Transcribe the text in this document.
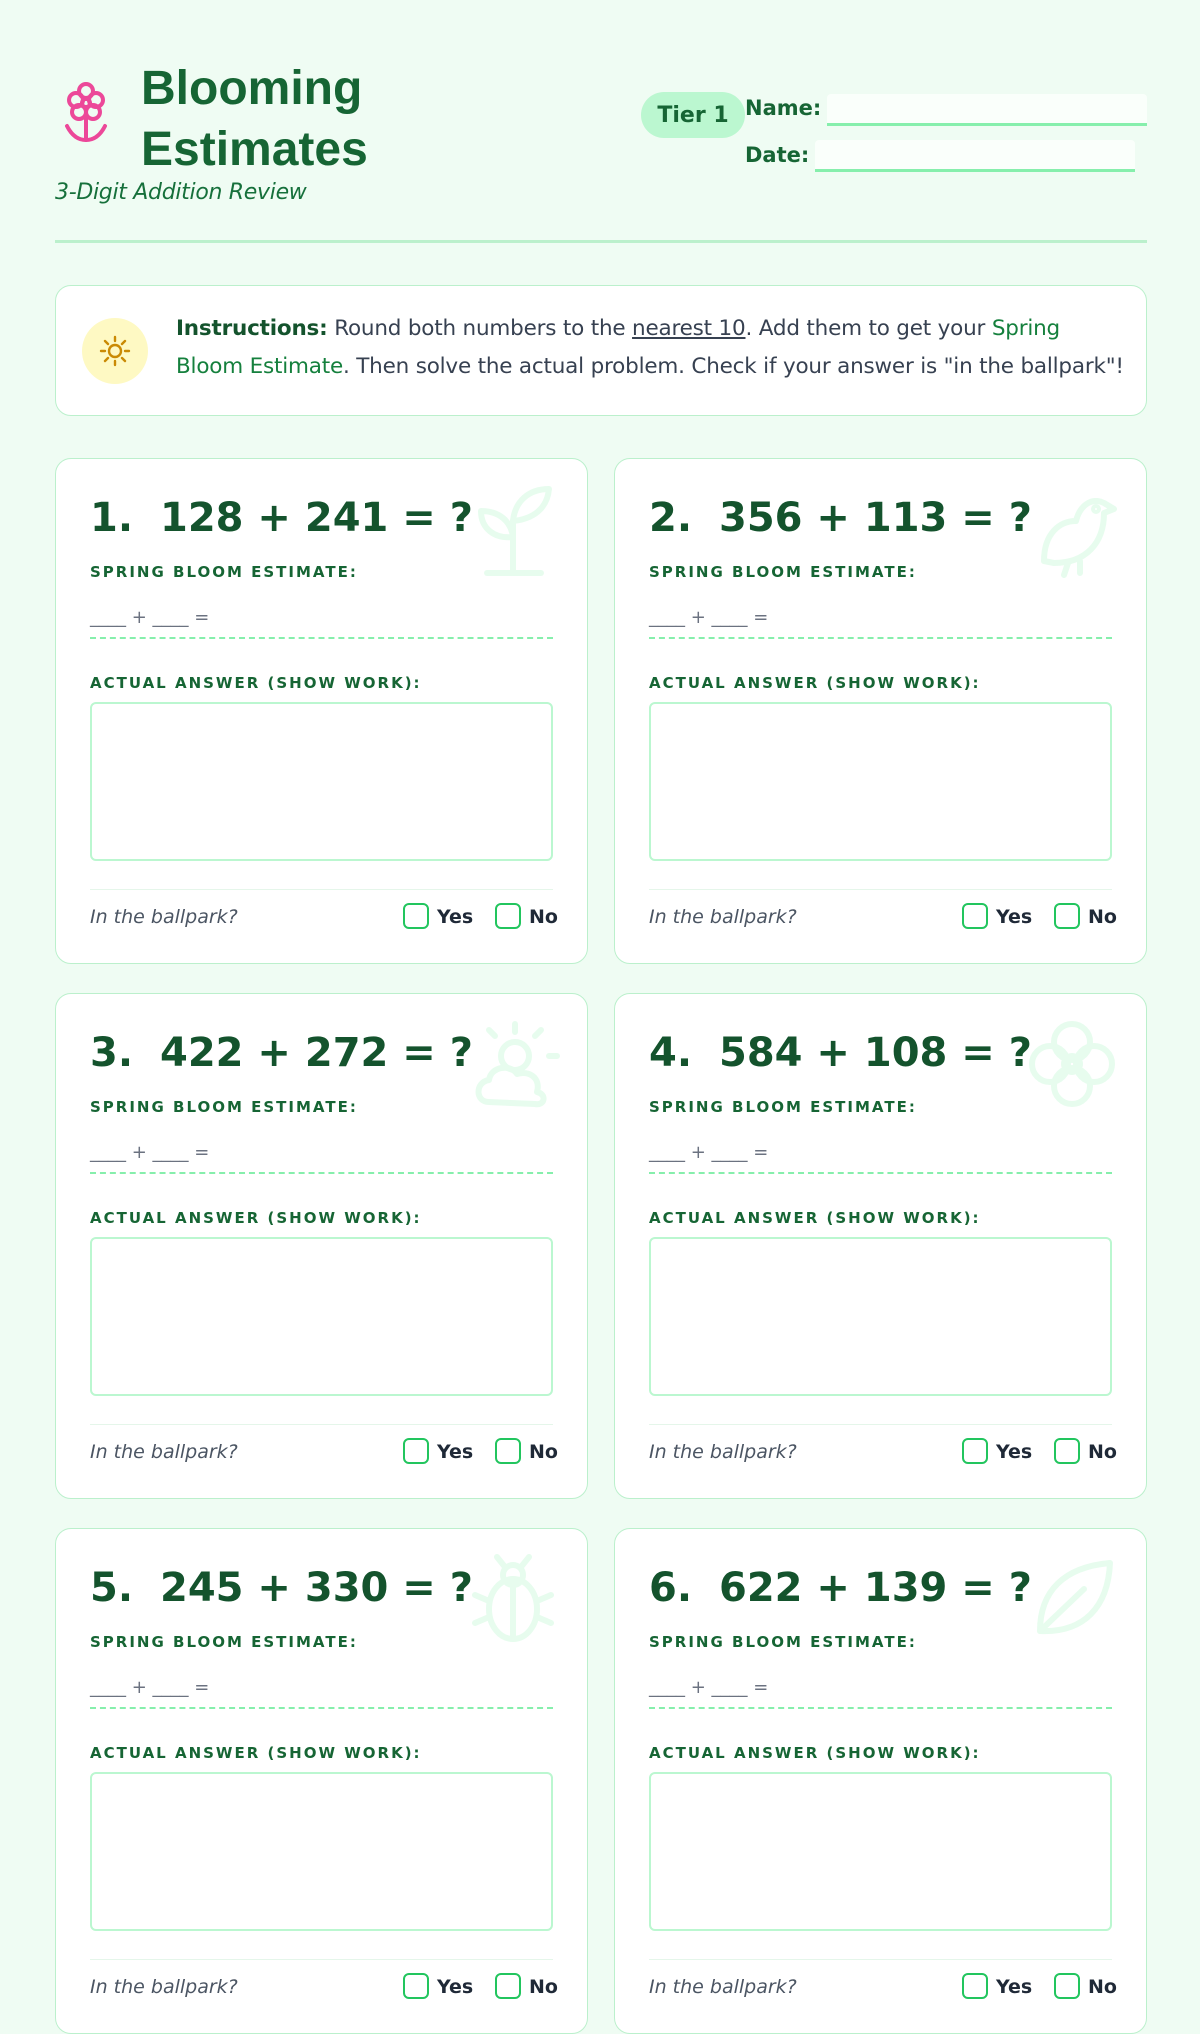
Blooming
Estimates
3-Digit Addition Review
Tier 1 Name:
Date:
Instructions: Round both numbers to the nearest 10. Add them to get your Spring Bloom Estimate. Then solve the actual problem. Check if your answer is "in the ballpark"!
1. 128 + 241 = ?
SPRING BLOOM ESTIMATE:
____ + ____ =
ACTUAL ANSWER (SHOW WORK):
In the ballpark?	Yes	No
2. 356 + 113 = ?
SPRING BLOOM ESTIMATE:
____ + ____ =
ACTUAL ANSWER (SHOW WORK):
In the ballpark?	Yes	No
3. 422 + 272 = ?
SPRING BLOOM ESTIMATE:
____ + ____ =
ACTUAL ANSWER (SHOW WORK):
In the ballpark?	Yes	No
4. 584 + 108 = ?
SPRING BLOOM ESTIMATE:
____ + ____ =
ACTUAL ANSWER (SHOW WORK):
In the ballpark?	Yes	No
5. 245 + 330 = ?
SPRING BLOOM ESTIMATE:
____ + ____ =
ACTUAL ANSWER (SHOW WORK):
In the ballpark?	Yes	No
6. 622 + 139 = ?
SPRING BLOOM ESTIMATE:
____ + ____ =
ACTUAL ANSWER (SHOW WORK):
In the ballpark?	Yes	No
